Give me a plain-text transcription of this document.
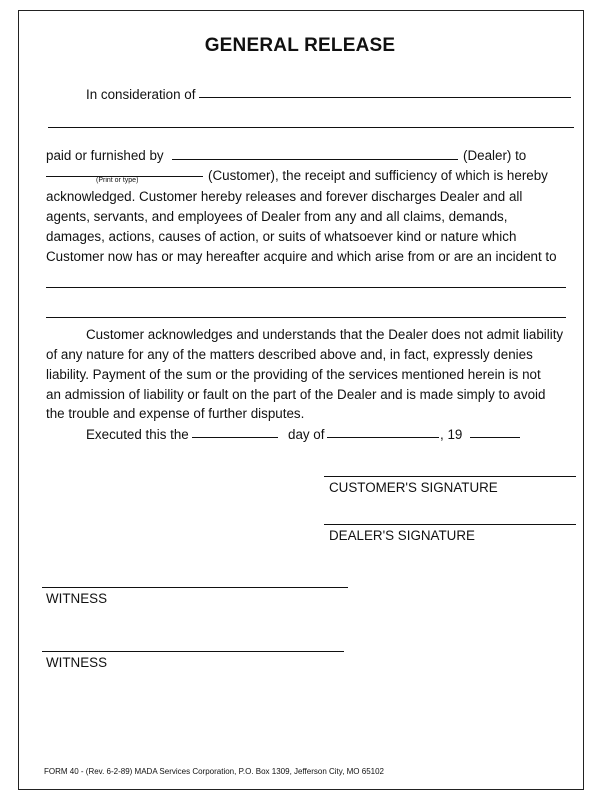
GENERAL RELEASE
In consideration of
paid or furnished by	(Dealer) to
(Print or type)	(Customer), the receipt and sufficiency of which is hereby
acknowledged. Customer hereby releases and forever discharges Dealer and all
agents, servants, and employees of Dealer from any and all claims, demands,
damages, actions, causes of action, or suits of whatsoever kind or nature which
Customer now has or may hereafter acquire and which arise from or are an incident to
Customer acknowledges and understands that the Dealer does not admit liability
of any nature for any of the matters described above and, in fact, expressly denies
liability. Payment of the sum or the providing of the services mentioned herein is not
an admission of liability or fault on the part of the Dealer and is made simply to avoid
the trouble and expense of further disputes.
Executed this the	day of	, 19
CUSTOMER'S SIGNATURE
DEALER'S SIGNATURE
WITNESS
WITNESS
FORM 40 - (Rev. 6-2-89) MADA Services Corporation, P.O. Box 1309, Jefferson City, MO 65102
